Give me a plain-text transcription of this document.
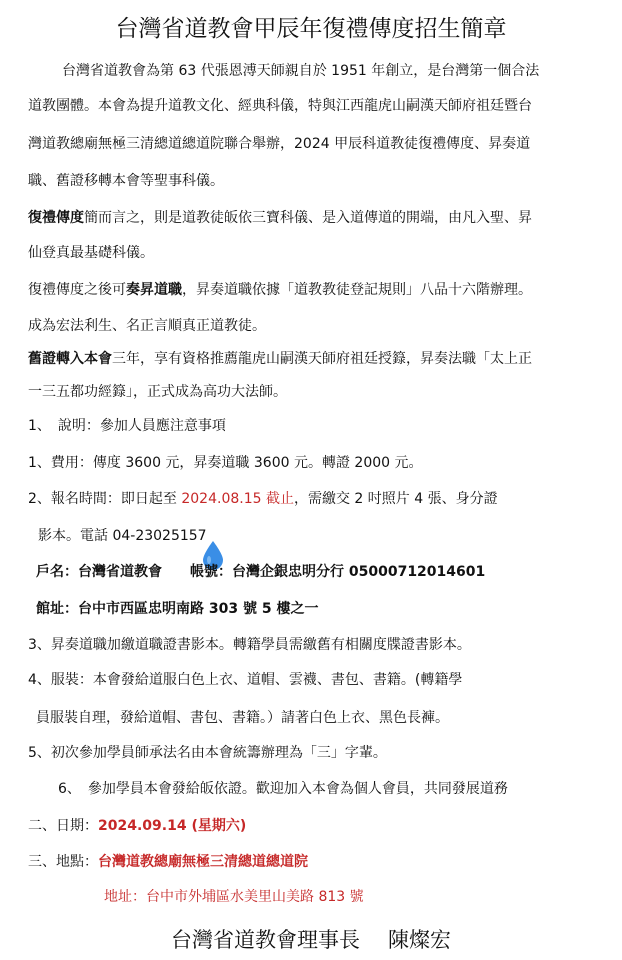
台灣省道教會甲辰年復禮傳度招生簡章
台灣省道教會為第 63 代張恩溥天師親自於 1951 年創立，是台灣第一個合法
道教團體。本會為提升道教文化、經典科儀，特與江西龍虎山嗣漢天師府祖廷暨台
灣道教總廟無極三清總道總道院聯合舉辦，2024 甲辰科道教徒復禮傳度、昇奏道
職、舊證移轉本會等聖事科儀。
復禮傳度簡而言之，則是道教徒皈依三寶科儀、是入道傳道的開端，由凡入聖、昇
仙登真最基礎科儀。
復禮傳度之後可奏昇道職，昇奏道職依據「道教教徒登記規則」八品十六階辦理。
成為宏法利生、名正言順真正道教徒。
舊證轉入本會三年，享有資格推薦龍虎山嗣漢天師府祖廷授籙，昇奏法職「太上正
一三五都功經籙」，正式成為高功大法師。
1、　說明：參加人員應注意事項
1、費用：傳度 3600 元，昇奏道職 3600 元。轉證 2000 元。
2、報名時間：即日起至 2024.08.15 截止，需繳交 2 吋照片 4 張、身分證
影本。電話 04-23025157
戶名：台灣省道教會 帳號：台灣企銀忠明分行 05000712014601
館址：台中市西區忠明南路 303 號 5 樓之一
3、昇奏道職加繳道職證書影本。轉籍學員需繳舊有相關度牒證書影本。
4、服裝：本會發給道服白色上衣、道帽、雲襪、書包、書籍。(轉籍學
員服裝自理，發給道帽、書包、書籍。）請著白色上衣、黑色長褲。
5、初次參加學員師承法名由本會統籌辦理為「三」字輩。
6、　參加學員本會發給皈依證。歡迎加入本會為個人會員，共同發展道務
二、日期：2024.09.14 (星期六)
三、地點：台灣道教總廟無極三清總道總道院
地址：台中市外埔區水美里山美路 813 號
台灣省道教會理事長 陳燦宏
